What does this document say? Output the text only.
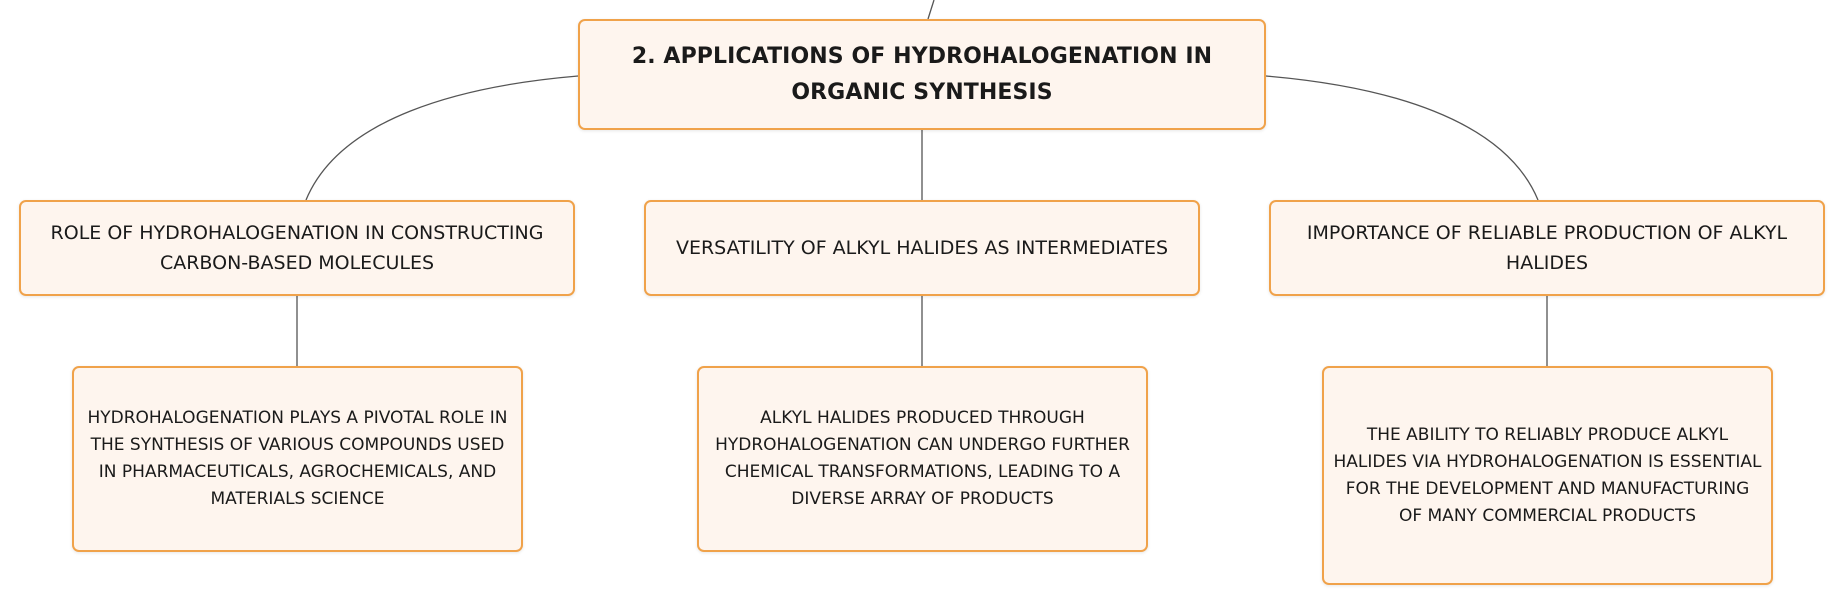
2. APPLICATIONS OF HYDROHALOGENATION IN ORGANIC SYNTHESIS
ROLE OF HYDROHALOGENATION IN CONSTRUCTING CARBON-BASED MOLECULES
VERSATILITY OF ALKYL HALIDES AS INTERMEDIATES
IMPORTANCE OF RELIABLE PRODUCTION OF ALKYL HALIDES
HYDROHALOGENATION PLAYS A PIVOTAL ROLE IN THE SYNTHESIS OF VARIOUS COMPOUNDS USED IN PHARMACEUTICALS, AGROCHEMICALS, AND MATERIALS SCIENCE
ALKYL HALIDES PRODUCED THROUGH HYDROHALOGENATION CAN UNDERGO FURTHER CHEMICAL TRANSFORMATIONS, LEADING TO A DIVERSE ARRAY OF PRODUCTS
THE ABILITY TO RELIABLY PRODUCE ALKYL HALIDES VIA HYDROHALOGENATION IS ESSENTIAL FOR THE DEVELOPMENT AND MANUFACTURING OF MANY COMMERCIAL PRODUCTS
